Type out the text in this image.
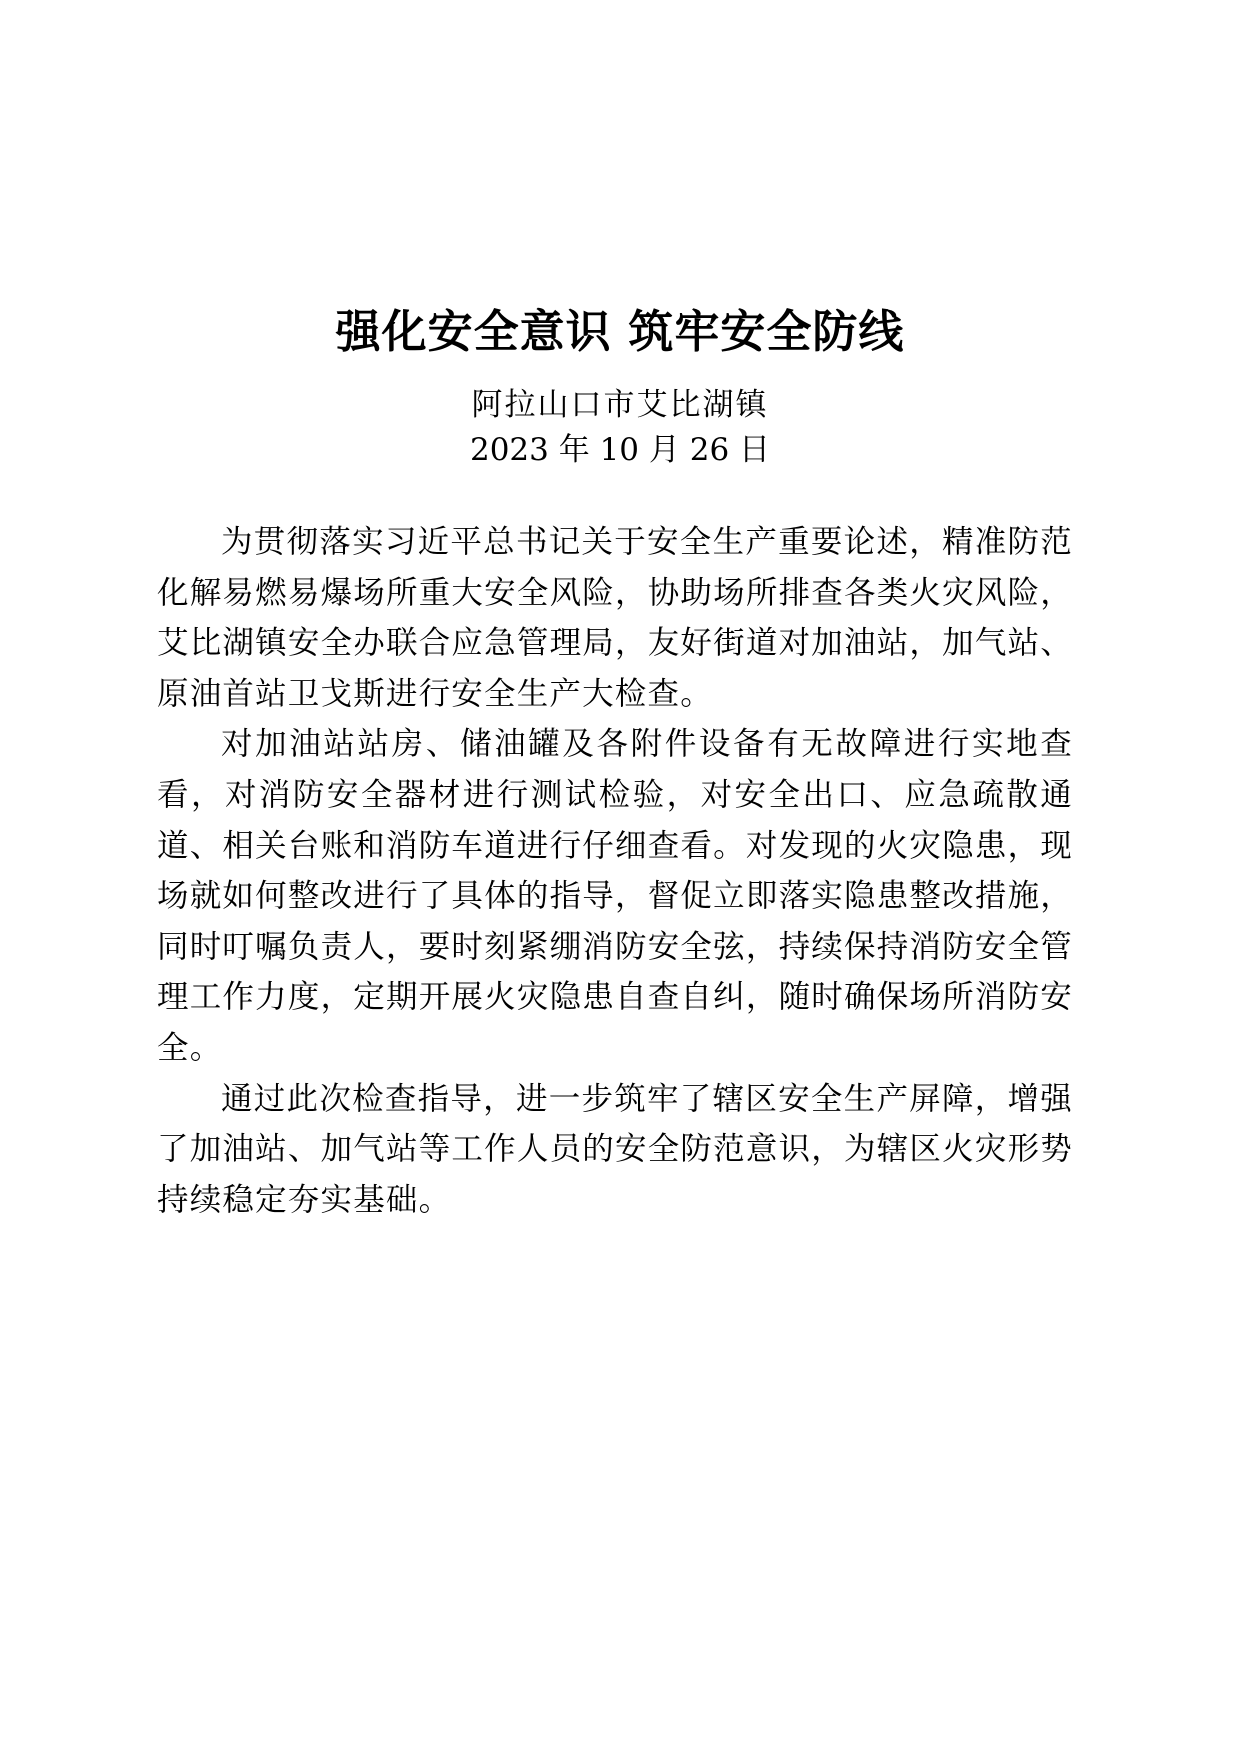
强化安全意识 筑牢安全防线
阿拉山口市艾比湖镇
2023 年 10 月 26 日

为贯彻落实习近平总书记关于安全生产重要论述，精准防范化解易燃易爆场所重大安全风险，协助场所排查各类火灾风险，艾比湖镇安全办联合应急管理局，友好街道对加油站，加气站、原油首站卫戈斯进行安全生产大检查。

对加油站站房、储油罐及各附件设备有无故障进行实地查看，对消防安全器材进行测试检验，对安全出口、应急疏散通道、相关台账和消防车道进行仔细查看。对发现的火灾隐患，现场就如何整改进行了具体的指导，督促立即落实隐患整改措施，同时叮嘱负责人，要时刻紧绷消防安全弦，持续保持消防安全管理工作力度，定期开展火灾隐患自查自纠，随时确保场所消防安全。

通过此次检查指导，进一步筑牢了辖区安全生产屏障，增强了加油站、加气站等工作人员的安全防范意识，为辖区火灾形势持续稳定夯实基础。
